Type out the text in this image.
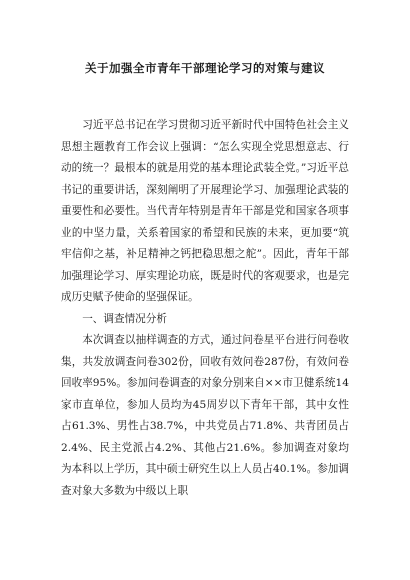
关于加强全市青年干部理论学习的对策与建议

习近平总书记在学习贯彻习近平新时代中国特色社会主义思想主题教育工作会议上强调：“怎么实现全党思想意志、行动的统一？最根本的就是用党的基本理论武装全党。”习近平总书记的重要讲话，深刻阐明了开展理论学习、加强理论武装的重要性和必要性。当代青年特别是青年干部是党和国家各项事业的中坚力量，关系着国家的希望和民族的未来，更加要“筑牢信仰之基，补足精神之钙把稳思想之舵”。因此，青年干部加强理论学习、厚实理论功底，既是时代的客观要求，也是完成历史赋予使命的坚强保证。

一、调查情况分析

本次调查以抽样调查的方式，通过问卷星平台进行问卷收集，共发放调查问卷302份，回收有效问卷287份，有效问卷回收率95%。参加问卷调查的对象分别来自××市卫健系统14家市直单位，参加人员均为45周岁以下青年干部，其中女性占61.3%、男性占38.7%，中共党员占71.8%、共青团员占2.4%、民主党派占4.2%、其他占21.6%。参加调查对象均为本科以上学历，其中硕士研究生以上人员占40.1%。参加调查对象大多数为中级以上职
